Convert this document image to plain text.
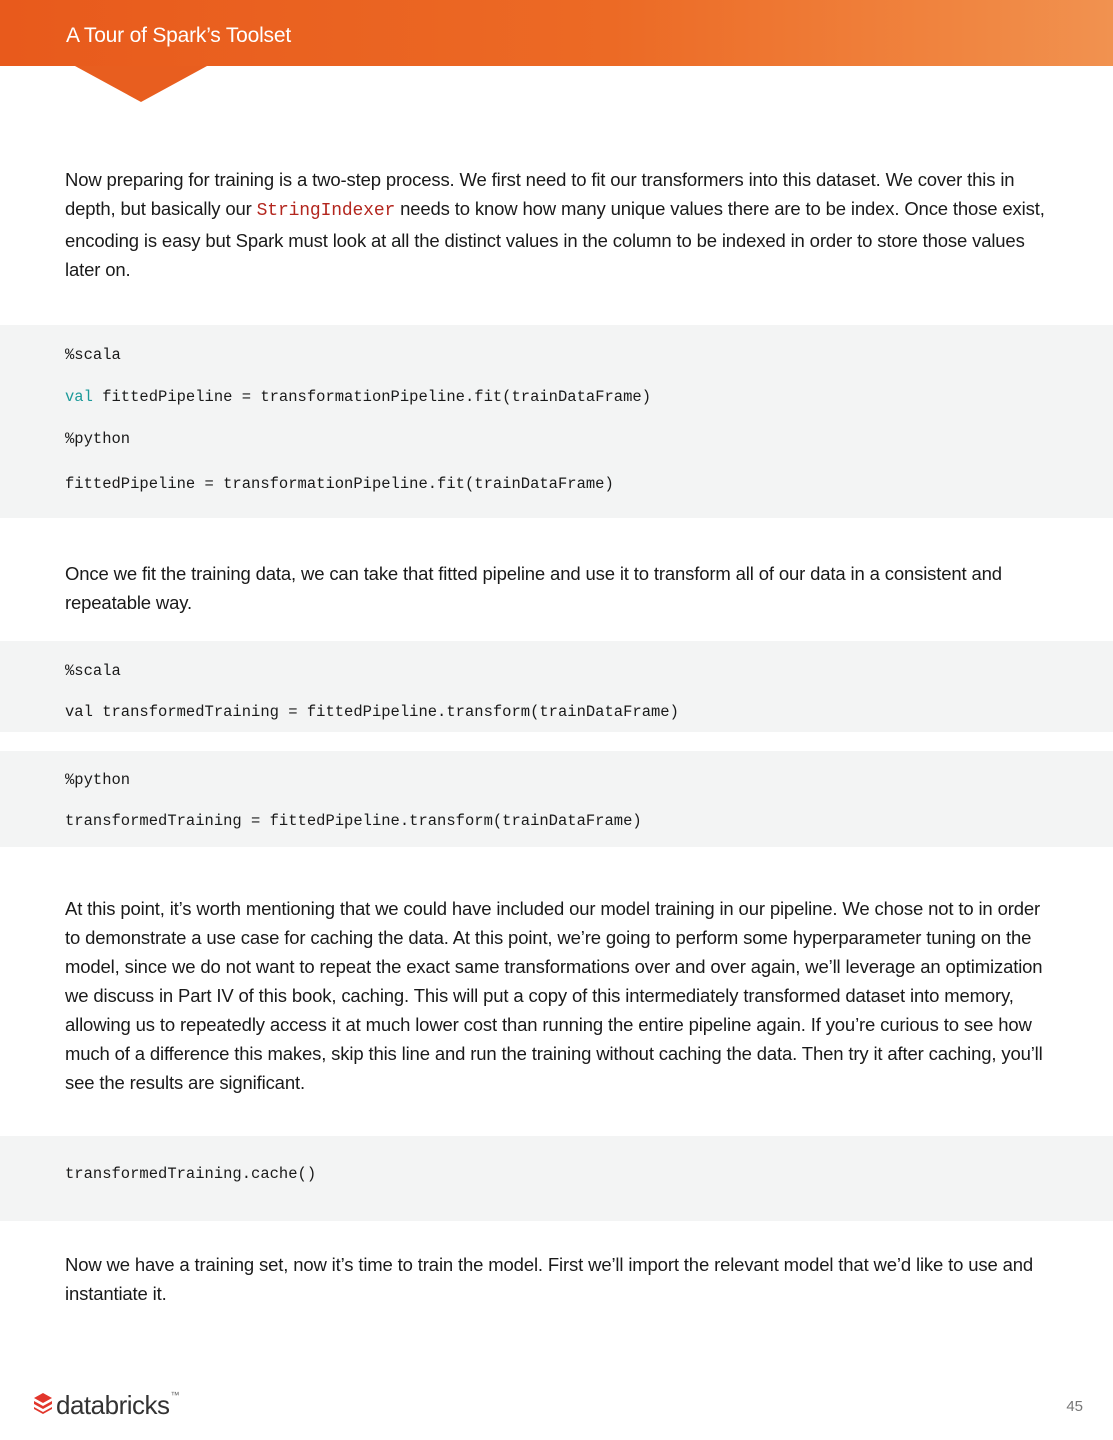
A Tour of Spark’s Toolset

Now preparing for training is a two-step process. We first need to fit our transformers into this dataset. We cover this in depth, but basically our StringIndexer needs to know how many unique values there are to be index. Once those exist, encoding is easy but Spark must look at all the distinct values in the column to be indexed in order to store those values later on.

%scala
val fittedPipeline = transformationPipeline.fit(trainDataFrame)
%python
fittedPipeline = transformationPipeline.fit(trainDataFrame)

Once we fit the training data, we can take that fitted pipeline and use it to transform all of our data in a consistent and repeatable way.

%scala
val transformedTraining = fittedPipeline.transform(trainDataFrame)
%python
transformedTraining = fittedPipeline.transform(trainDataFrame)

At this point, it’s worth mentioning that we could have included our model training in our pipeline. We chose not to in order to demonstrate a use case for caching the data. At this point, we’re going to perform some hyperparameter tuning on the model, since we do not want to repeat the exact same transformations over and over again, we’ll leverage an optimization we discuss in Part IV of this book, caching. This will put a copy of this intermediately transformed dataset into memory, allowing us to repeatedly access it at much lower cost than running the entire pipeline again. If you’re curious to see how much of a difference this makes, skip this line and run the training without caching the data. Then try it after caching, you’ll see the results are significant.

transformedTraining.cache()

Now we have a training set, now it’s time to train the model. First we’ll import the relevant model that we’d like to use and instantiate it.

databricks™
45
